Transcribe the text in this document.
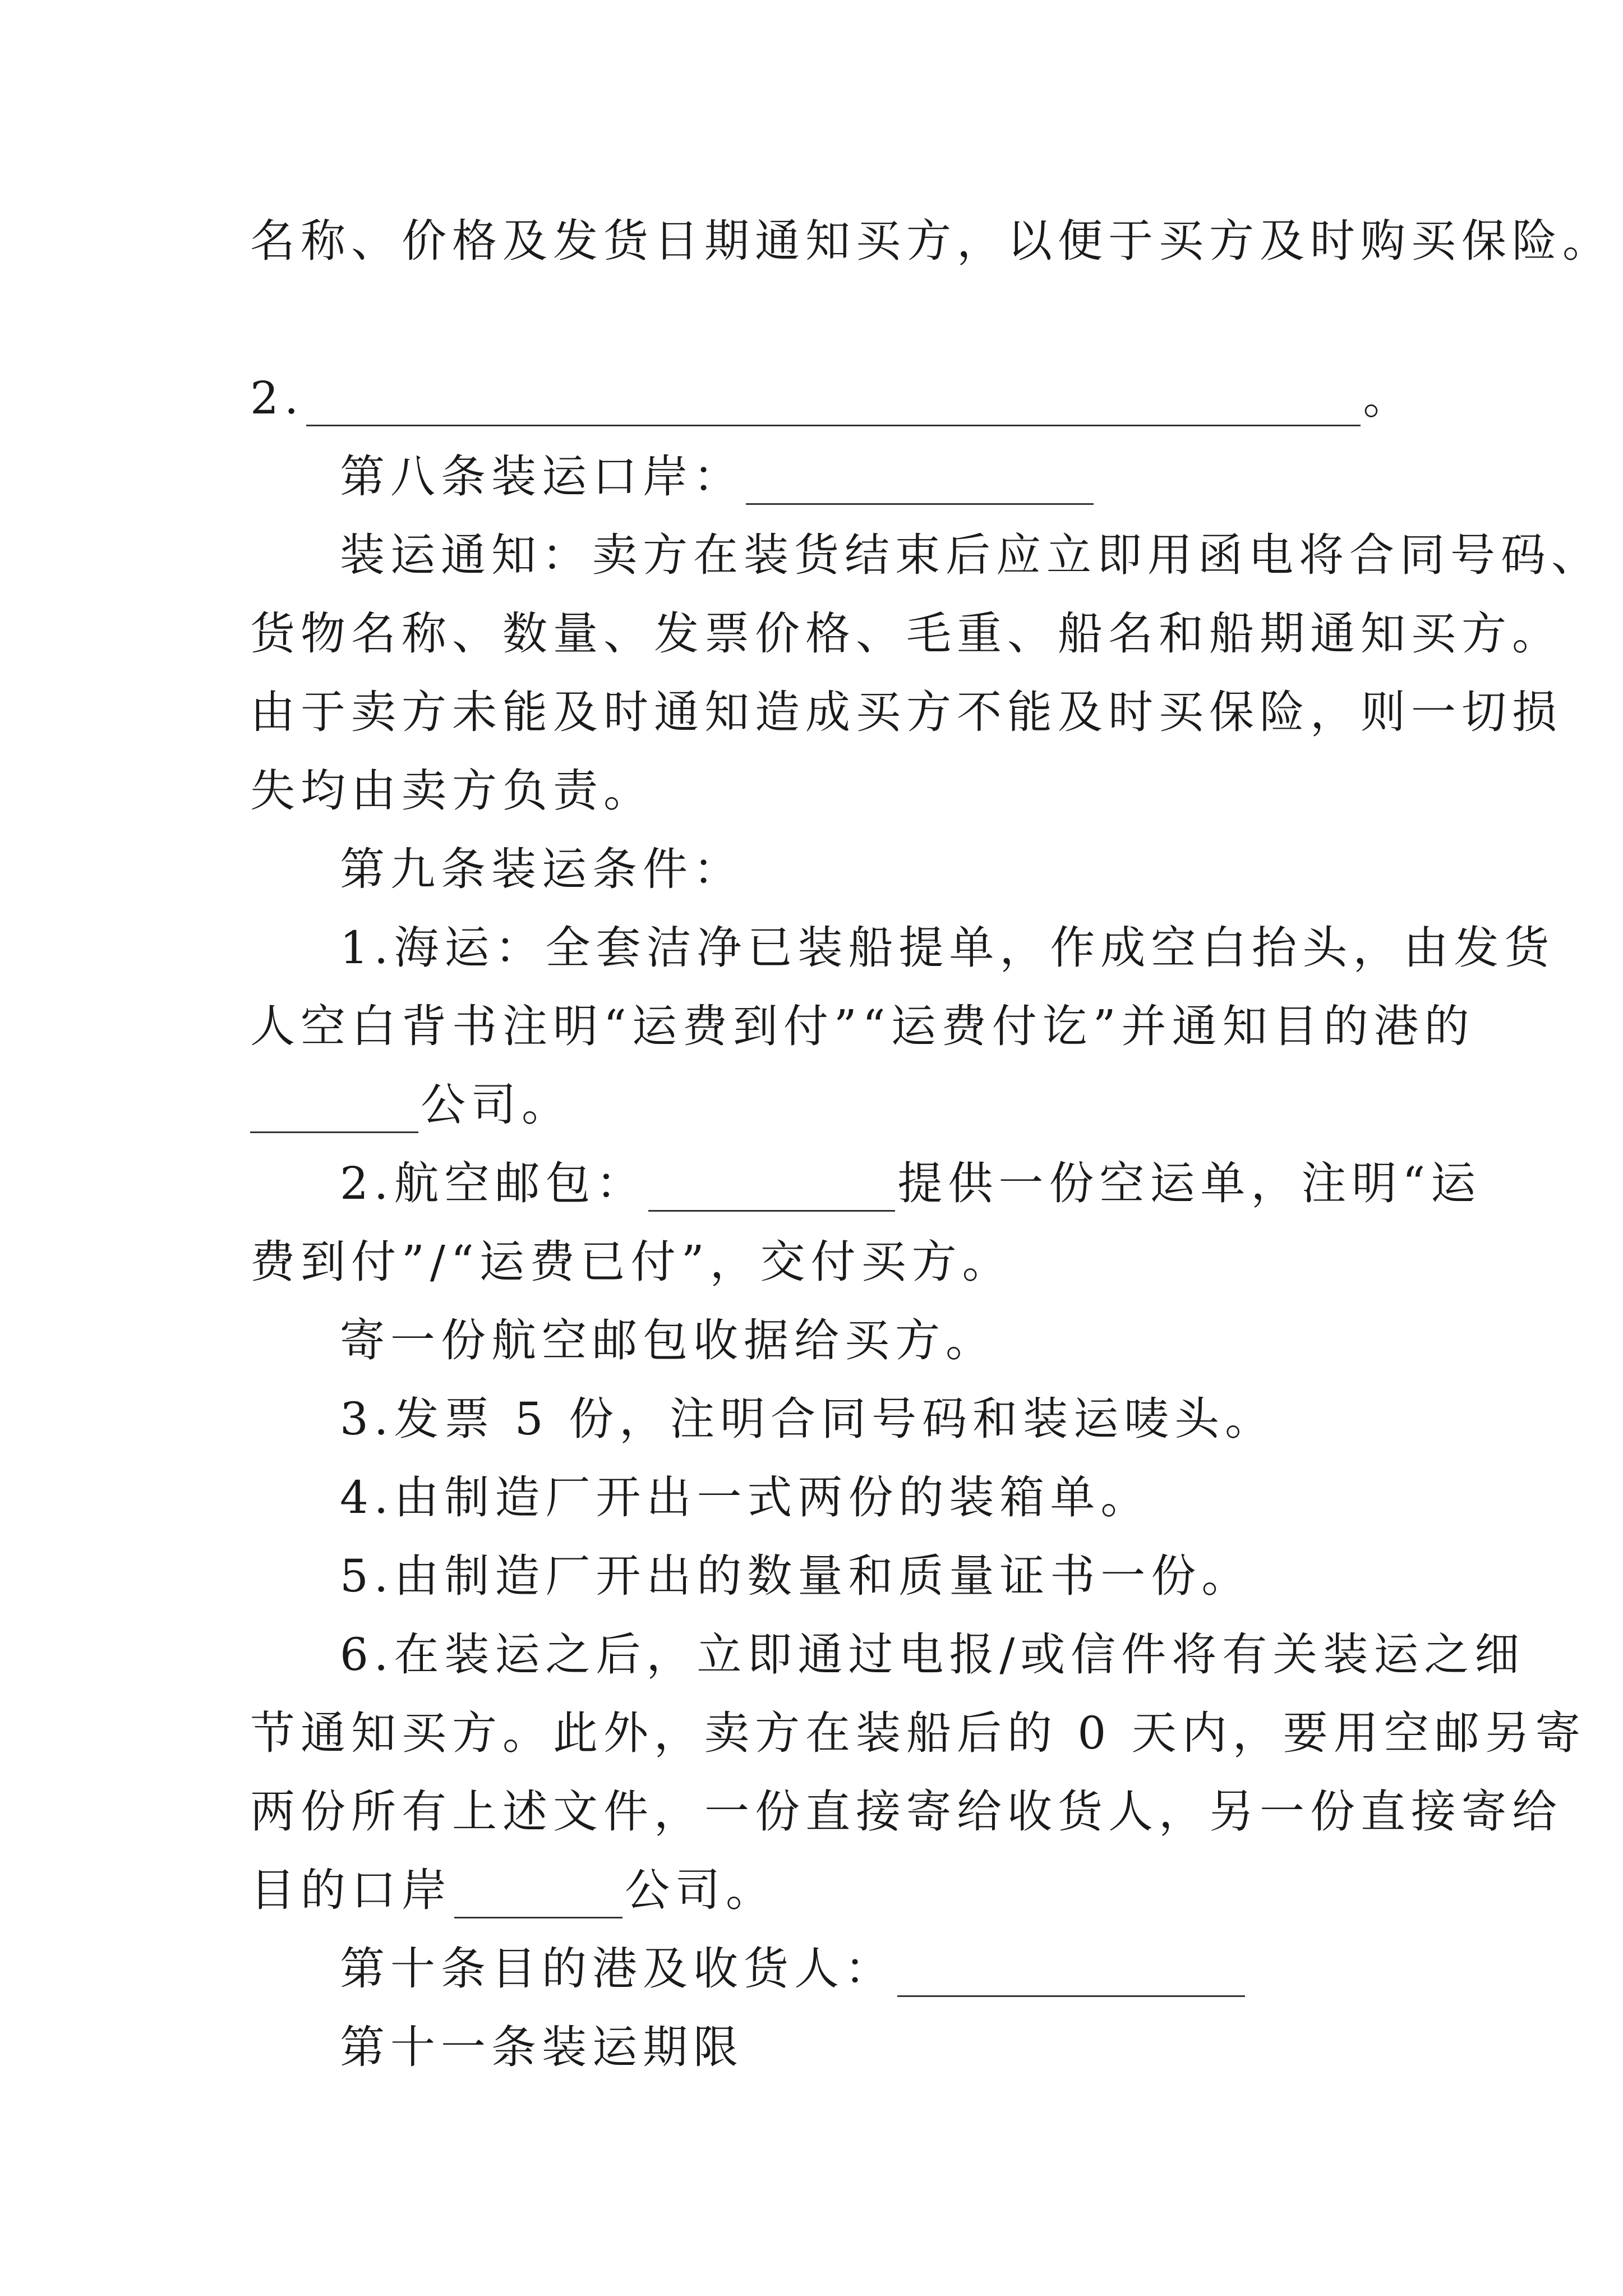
名称、价格及发货日期通知买方，以便于买方及时购买保险。
2.	。
第八条装运口岸：
装运通知：卖方在装货结束后应立即用函电将合同号码、
货物名称、数量、发票价格、毛重、船名和船期通知买方。
由于卖方未能及时通知造成买方不能及时买保险，则一切损
失均由卖方负责。
第九条装运条件：
1.海运：全套洁净已装船提单，作成空白抬头，由发货
人空白背书注明“运费到付”“运费付讫”并通知目的港的
公司。
2.航空邮包：	提供一份空运单，注明“运
费到付”/“运费已付”，交付买方。
寄一份航空邮包收据给买方。
3.发票 5 份，注明合同号码和装运唛头。
4.由制造厂开出一式两份的装箱单。
5.由制造厂开出的数量和质量证书一份。
6.在装运之后，立即通过电报/或信件将有关装运之细
节通知买方。此外，卖方在装船后的 0 天内，要用空邮另寄
两份所有上述文件，一份直接寄给收货人，另一份直接寄给
目的口岸	公司。
第十条目的港及收货人：
第十一条装运期限
